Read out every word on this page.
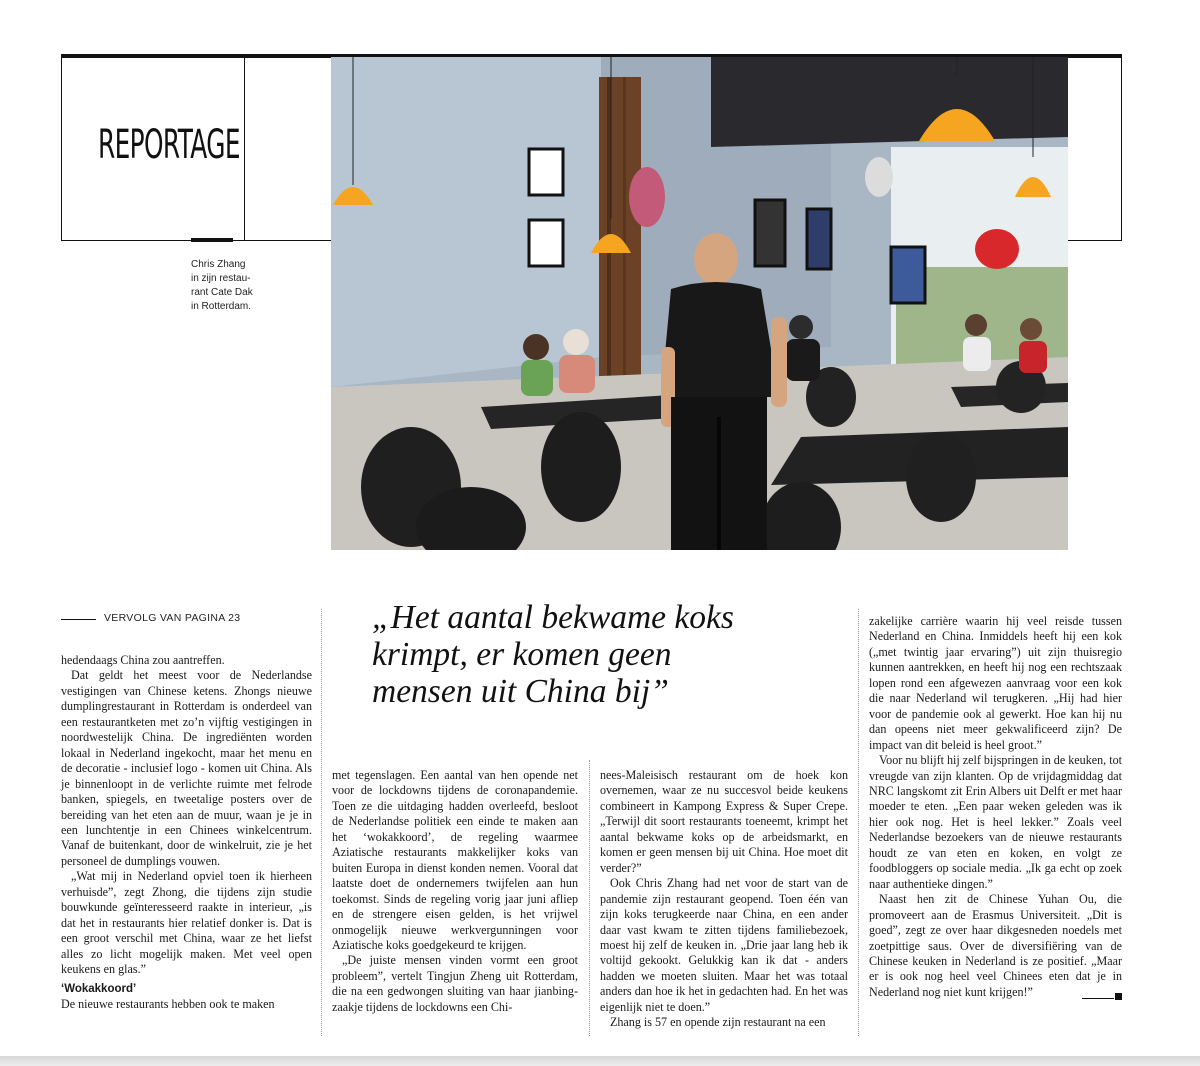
REPORTAGE
Chris Zhang
in zijn restau-
rant Cate Dak
in Rotterdam.
VERVOLG VAN PAGINA 23	„Het aantal bekwame koks
krimpt, er komen geen
mensen uit China bij”

hedendaags China zou aantreffen.

Dat geldt het meest voor de Nederlandse vestigingen van Chinese ketens. Zhongs nieuwe dumplingrestaurant in Rotterdam is onderdeel van een restaurantketen met zo’n vijftig vestigingen in noordwestelijk China. De ingrediënten worden lokaal in Nederland ingekocht, maar het menu en de decoratie - inclusief logo - komen uit China. Als je binnenloopt in de verlichte ruimte met felrode banken, spiegels, en tweetalige posters over de bereiding van het eten aan de muur, waan je je in een lunchtentje in een Chinees winkelcentrum. Vanaf de buitenkant, door de winkelruit, zie je het personeel de dumplings vouwen.

„Wat mij in Nederland opviel toen ik hierheen verhuisde”, zegt Zhong, die tijdens zijn studie bouwkunde geïnteresseerd raakte in interieur, „is dat het in restaurants hier relatief donker is. Dat is een groot verschil met China, waar ze het liefst alles zo licht mogelijk maken. Met veel open keukens en glas.”

‘Wokakkoord’

De nieuwe restaurants hebben ook te maken

met tegenslagen. Een aantal van hen opende net voor de lockdowns tijdens de coronapandemie. Toen ze die uitdaging hadden overleefd, besloot de Nederlandse politiek een einde te maken aan het ‘wokakkoord’, de regeling waarmee Aziatische restaurants makkelijker koks van buiten Europa in dienst konden nemen. Vooral dat laatste doet de ondernemers twijfelen aan hun toekomst. Sinds de regeling vorig jaar juni afliep en de strengere eisen gelden, is het vrijwel onmogelijk nieuwe werkvergunningen voor Aziatische koks goedgekeurd te krijgen.

„De juiste mensen vinden vormt een groot probleem”, vertelt Tingjun Zheng uit Rotterdam, die na een gedwongen sluiting van haar jianbing-zaakje tijdens de lockdowns een Chi-

nees-Maleisisch restaurant om de hoek kon overnemen, waar ze nu succesvol beide keukens combineert in Kampong Express & Super Crepe. „Terwijl dit soort restaurants toeneemt, krimpt het aantal bekwame koks op de arbeidsmarkt, en komen er geen mensen bij uit China. Hoe moet dit verder?”

Ook Chris Zhang had net voor de start van de pandemie zijn restaurant geopend. Toen één van zijn koks terugkeerde naar China, en een ander daar vast kwam te zitten tijdens familiebezoek, moest hij zelf de keuken in. „Drie jaar lang heb ik voltijd gekookt. Gelukkig kan ik dat - anders hadden we moeten sluiten. Maar het was totaal anders dan hoe ik het in gedachten had. En het was eigenlijk niet te doen.”

Zhang is 57 en opende zijn restaurant na een

zakelijke carrière waarin hij veel reisde tussen Nederland en China. Inmiddels heeft hij een kok („met twintig jaar ervaring”) uit zijn thuisregio kunnen aantrekken, en heeft hij nog een rechtszaak lopen rond een afgewezen aanvraag voor een kok die naar Nederland wil terugkeren. „Hij had hier voor de pandemie ook al gewerkt. Hoe kan hij nu dan opeens niet meer gekwalificeerd zijn? De impact van dit beleid is heel groot.”

Voor nu blijft hij zelf bijspringen in de keuken, tot vreugde van zijn klanten. Op de vrijdagmiddag dat NRC langskomt zit Erin Albers uit Delft er met haar moeder te eten. „Een paar weken geleden was ik hier ook nog. Het is heel lekker.” Zoals veel Nederlandse bezoekers van de nieuwe restaurants houdt ze van eten en koken, en volgt ze foodbloggers op sociale media. „Ik ga echt op zoek naar authentieke dingen.”

Naast hen zit de Chinese Yuhan Ou, die promoveert aan de Erasmus Universiteit. „Dit is goed”, zegt ze over haar dikgesneden noedels met zoetpittige saus. Over de diversifiëring van de Chinese keuken in Nederland is ze positief. „Maar er is ook nog heel veel Chinees eten dat je in Nederland nog niet kunt krijgen!”
